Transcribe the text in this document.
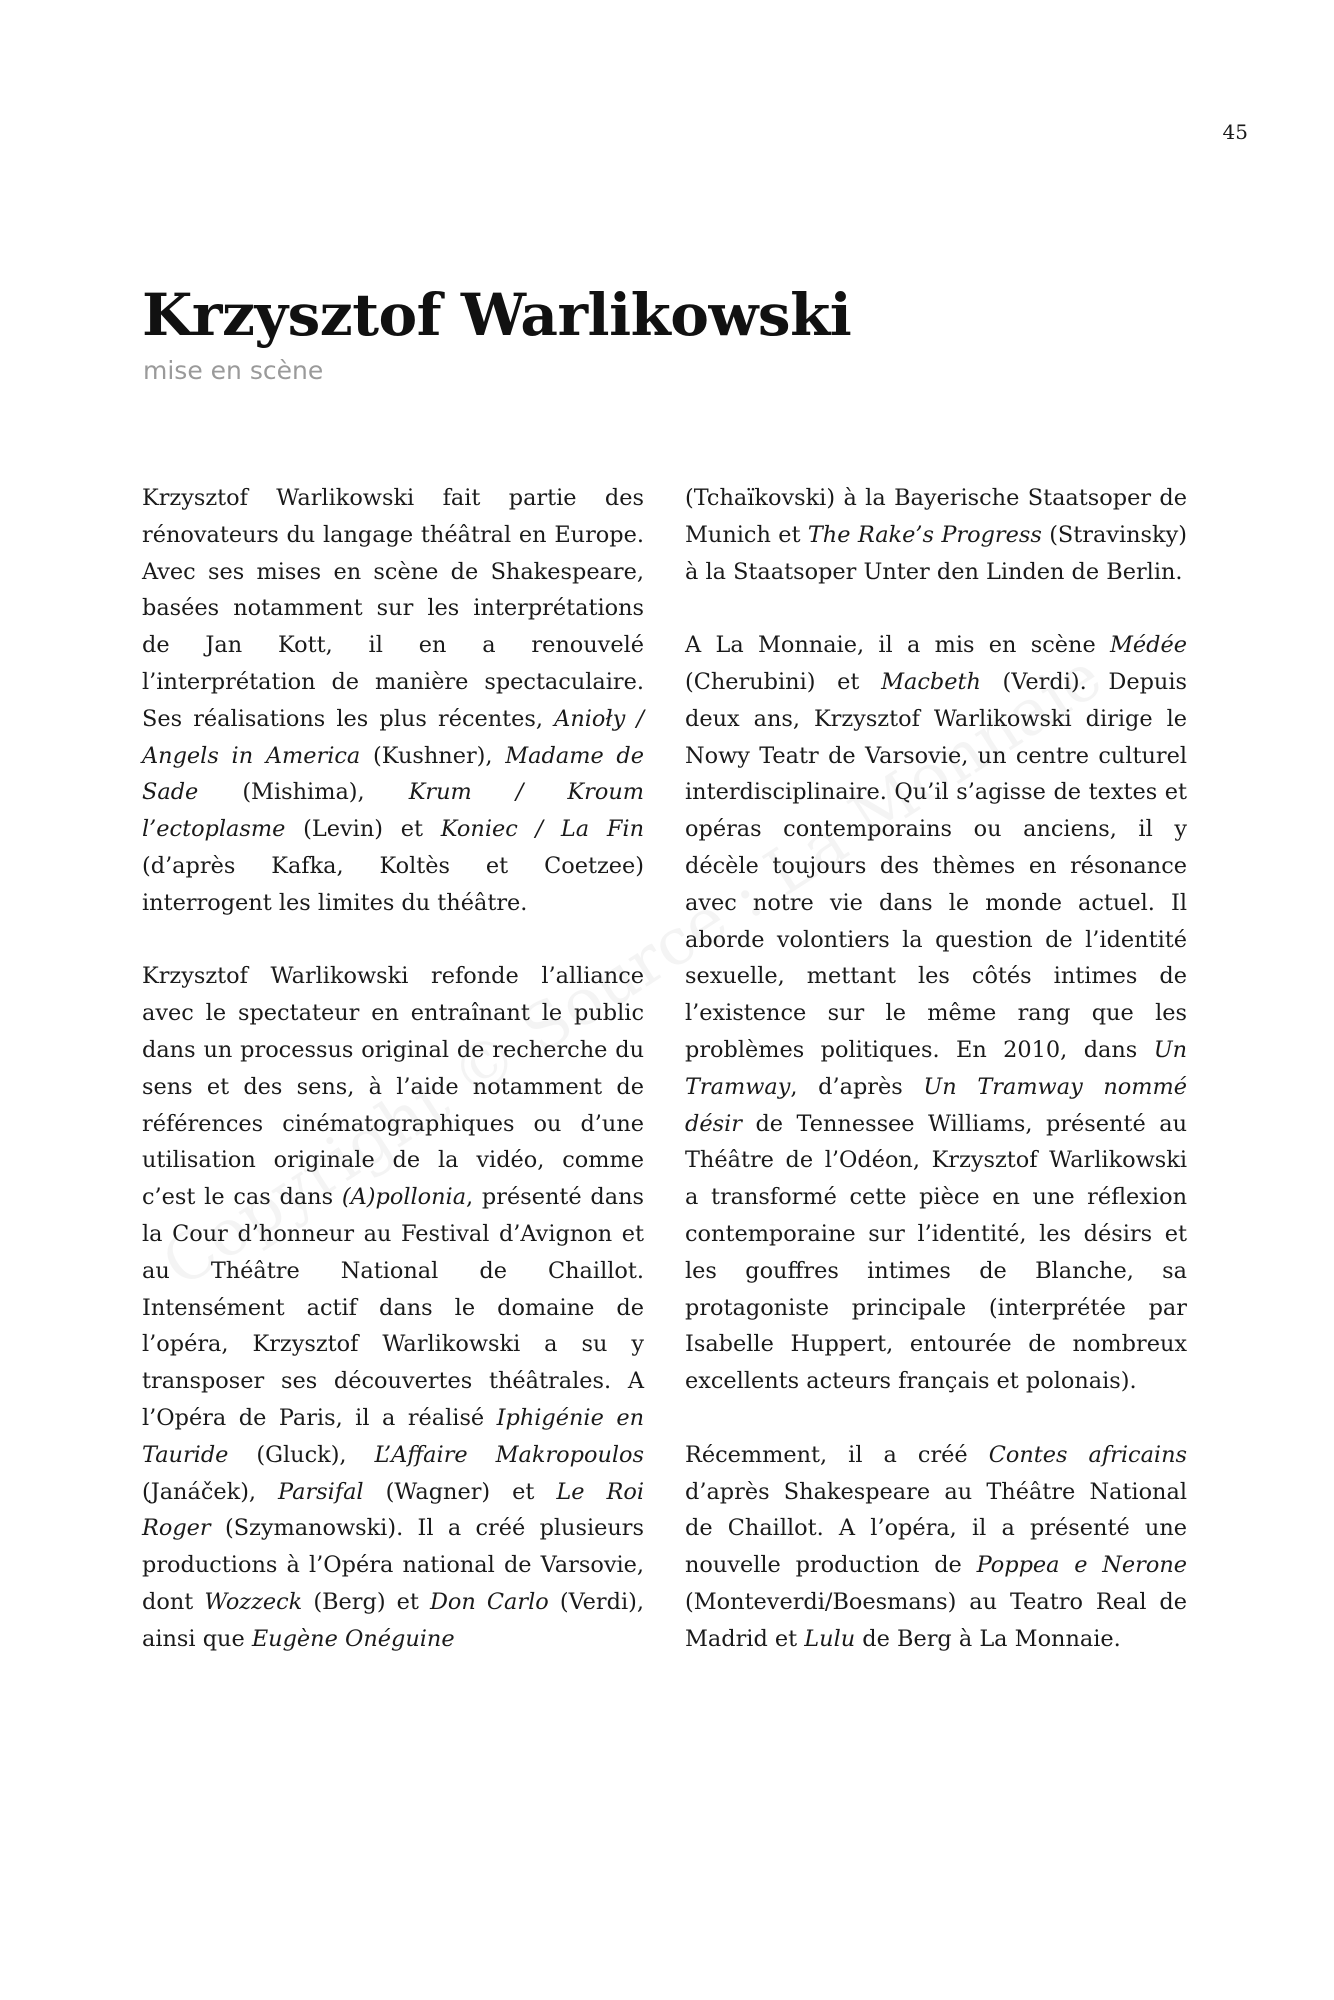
45
Krzysztof Warlikowski
mise en scène

Krzysztof Warlikowski fait partie des rénovateurs du langage théâtral en Europe. Avec ses mises en scène de Shakespeare, basées notamment sur les interprétations de Jan Kott, il en a renouvelé l’interprétation de manière spectaculaire. Ses réalisations les plus récentes, Anioły / Angels in America (Kushner), Madame de Sade (Mishima), Krum / Kroum l’ectoplasme (Levin) et Koniec / La Fin (d’après Kafka, Koltès et Coetzee) interrogent les limites du théâtre.

Krzysztof Warlikowski refonde l’alliance avec le spectateur en entraînant le public dans un processus original de recherche du sens et des sens, à l’aide notamment de références cinématographiques ou d’une utilisation originale de la vidéo, comme c’est le cas dans (A)pollonia, présenté dans la Cour d’honneur au Festival d’Avignon et au Théâtre National de Chaillot. Intensément actif dans le domaine de l’opéra, Krzysztof Warlikowski a su y transposer ses découvertes théâtrales. A l’Opéra de Paris, il a réalisé Iphigénie en Tauride (Gluck), L’Affaire Makropoulos (Janáček), Parsifal (Wagner) et Le Roi Roger (Szymanowski). Il a créé plusieurs productions à l’Opéra national de Varsovie, dont Wozzeck (Berg) et Don Carlo (Verdi), ainsi que Eugène Onéguine

(Tchaïkovski) à la Bayerische Staatsoper de Munich et The Rake’s Progress (Stravinsky) à la Staatsoper Unter den Linden de Berlin.

A La Monnaie, il a mis en scène Médée (Cherubini) et Macbeth (Verdi). Depuis deux ans, Krzysztof Warlikowski dirige le Nowy Teatr de Varsovie, un centre culturel interdisciplinaire. Qu’il s’agisse de textes et opéras contemporains ou anciens, il y décèle toujours des thèmes en résonance avec notre vie dans le monde actuel. Il aborde volontiers la question de l’identité sexuelle, mettant les côtés intimes de l’existence sur le même rang que les problèmes politiques. En 2010, dans Un Tramway, d’après Un Tramway nommé désir de Tennessee Williams, présenté au Théâtre de l’Odéon, Krzysztof Warlikowski a transformé cette pièce en une réflexion contemporaine sur l’identité, les désirs et les gouffres intimes de Blanche, sa protagoniste principale (interprétée par Isabelle Huppert, entourée de nombreux excellents acteurs français et polonais).

Récemment, il a créé Contes africains d’après Shakespeare au Théâtre National de Chaillot. A l’opéra, il a présenté une nouvelle production de Poppea e Nerone (Monteverdi/Boesmans) au Teatro Real de Madrid et Lulu de Berg à La Monnaie.
